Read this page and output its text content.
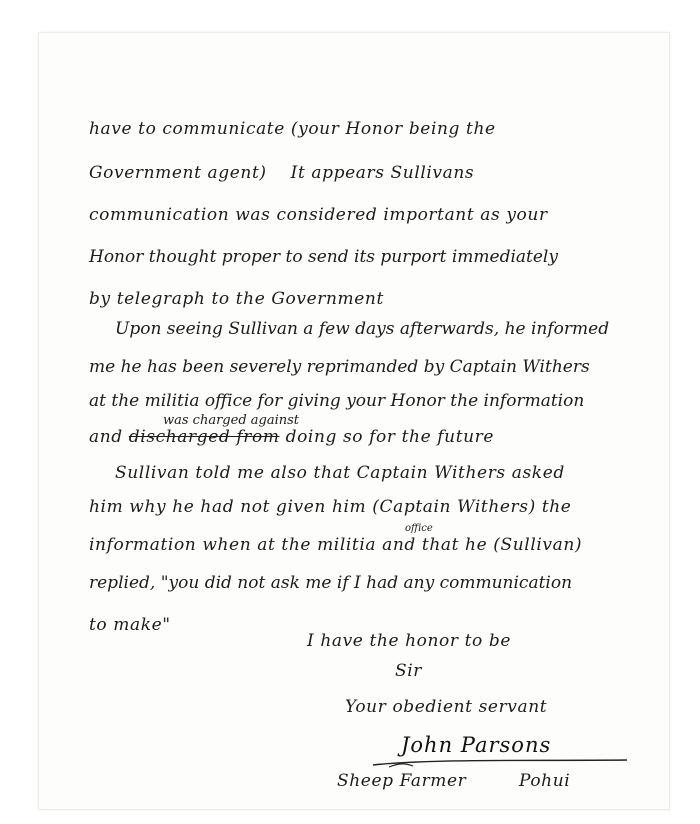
have to communicate (your Honor being the
Government agent) It appears Sullivans
communication was considered important as your
Honor thought proper to send its purport immediately
by telegraph to the Government
Upon seeing Sullivan a few days afterwards, he informed
me he has been severely reprimanded by Captain Withers
at the militia office for giving your Honor the information
was charged against
and discharged from doing so for the future
Sullivan told me also that Captain Withers asked
him why he had not given him (Captain Withers) the
office
information when at the militia and that he (Sullivan)
replied, "you did not ask me if I had any communication
to make"
I have the honor to be
Sir
Your obedient servant
John Parsons
Sheep Farmer	Pohui
